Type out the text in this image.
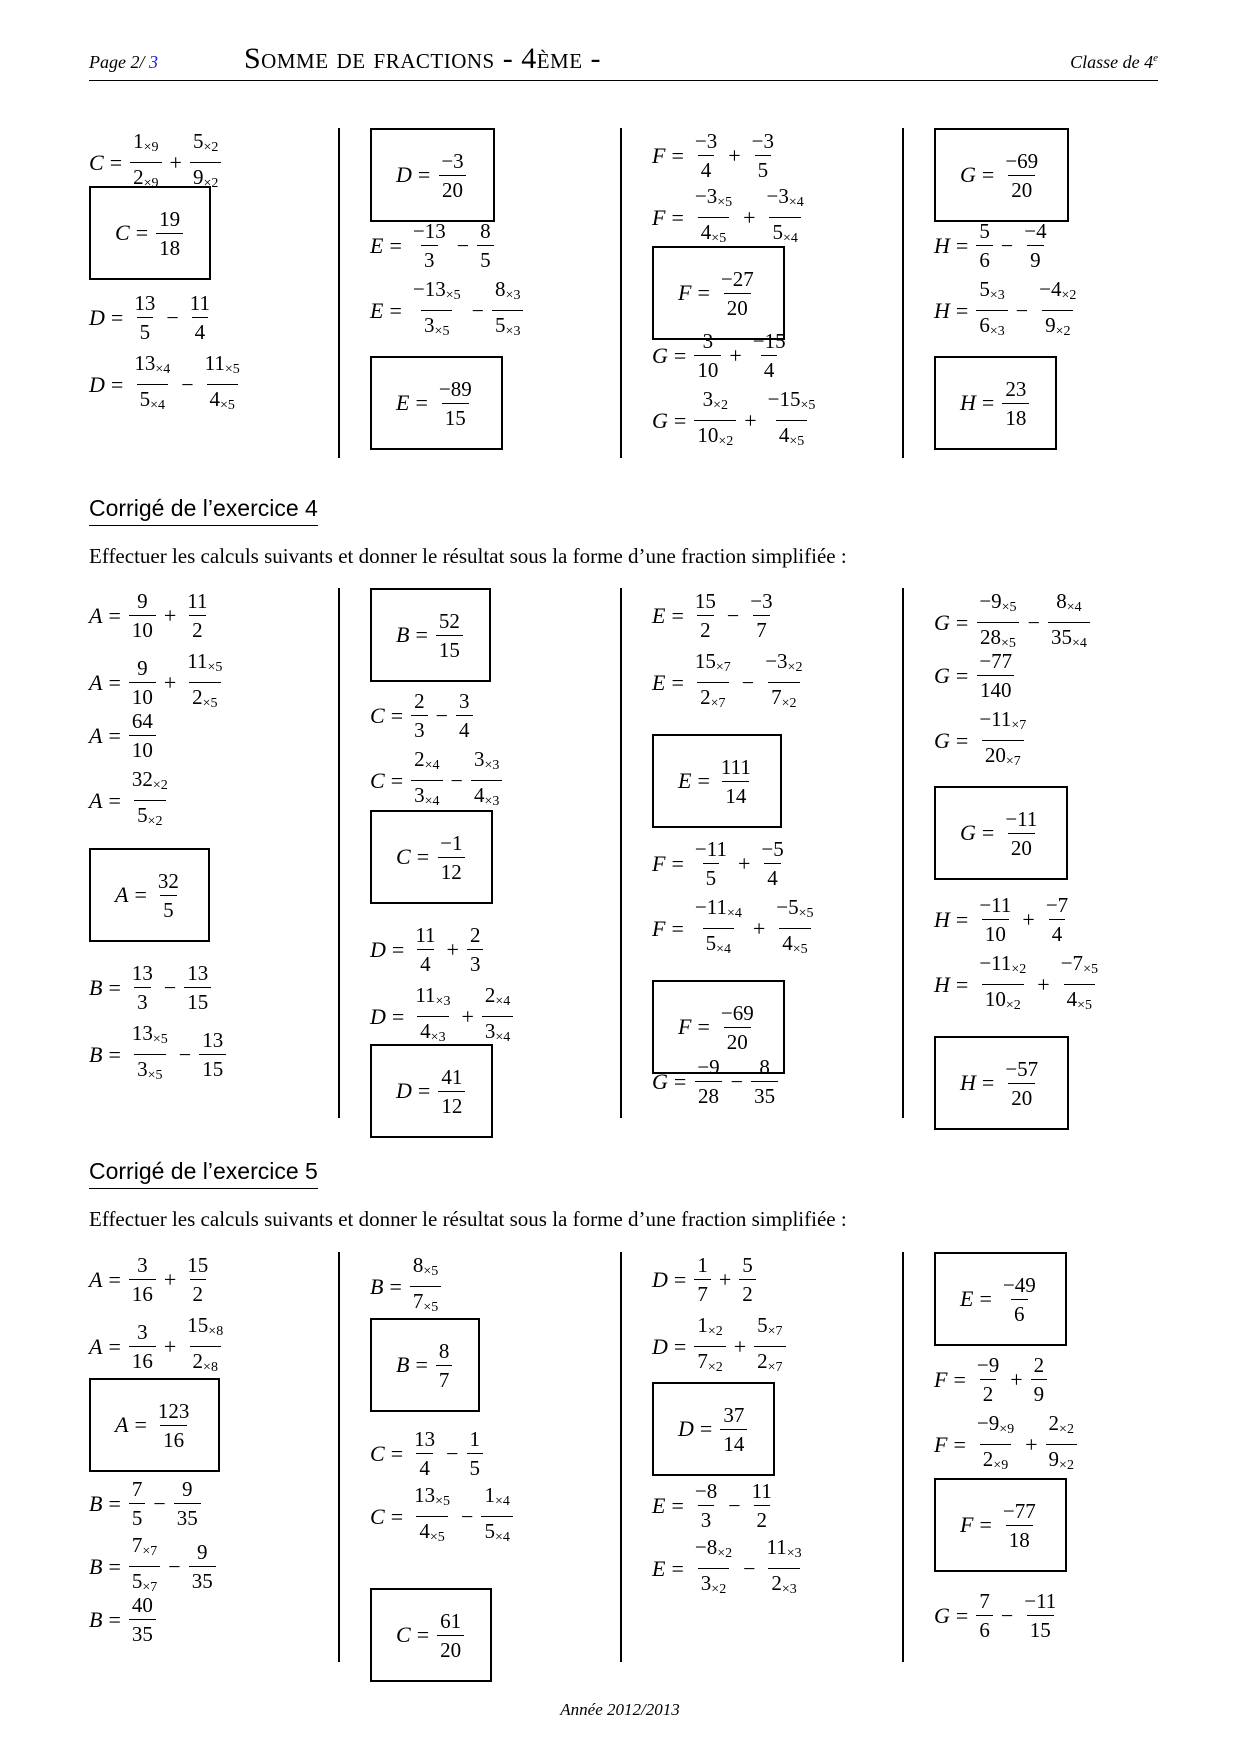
Page 2/ 3	Somme de fractions - 4ème -	Classe de 4e
$C = \frac{1_{\times 9}}{2_{\times 9}} + \frac{5_{\times 2}}{9_{\times 2}}$
$C = \frac{19}{18}$
$D = \frac{13}{5} - \frac{11}{4}$
$D = \frac{13_{\times 4}}{5_{\times 4}} - \frac{11_{\times 5}}{4_{\times 5}}$
$D = \frac{-3}{20}$
$E = \frac{-13}{3} - \frac{8}{5}$
$E = \frac{-13_{\times 5}}{3_{\times 5}} - \frac{8_{\times 3}}{5_{\times 3}}$
$E = \frac{-89}{15}$
$F = \frac{-3}{4} + \frac{-3}{5}$
$F = \frac{-3_{\times 5}}{4_{\times 5}} + \frac{-3_{\times 4}}{5_{\times 4}}$
$F = \frac{-27}{20}$
$G = \frac{3}{10} + \frac{-15}{4}$
$G = \frac{3_{\times 2}}{10_{\times 2}} + \frac{-15_{\times 5}}{4_{\times 5}}$
$G = \frac{-69}{20}$
$H = \frac{5}{6} - \frac{-4}{9}$
$H = \frac{5_{\times 3}}{6_{\times 3}} - \frac{-4_{\times 2}}{9_{\times 2}}$
$H = \frac{23}{18}$
Corrigé de l’exercice 4
Effectuer les calculs suivants et donner le résultat sous la forme d’une fraction simplifiée :
$A = \frac{9}{10} + \frac{11}{2}$
$A = \frac{9}{10} + \frac{11_{\times 5}}{2_{\times 5}}$
$A = \frac{64}{10}$
$A = \frac{32_{\times 2}}{5_{\times 2}}$
$A = \frac{32}{5}$
$B = \frac{13}{3} - \frac{13}{15}$
$B = \frac{13_{\times 5}}{3_{\times 5}} - \frac{13}{15}$
$B = \frac{52}{15}$
$C = \frac{2}{3} - \frac{3}{4}$
$C = \frac{2_{\times 4}}{3_{\times 4}} - \frac{3_{\times 3}}{4_{\times 3}}$
$C = \frac{-1}{12}$
$D = \frac{11}{4} + \frac{2}{3}$
$D = \frac{11_{\times 3}}{4_{\times 3}} + \frac{2_{\times 4}}{3_{\times 4}}$
$D = \frac{41}{12}$
$E = \frac{15}{2} - \frac{-3}{7}$
$E = \frac{15_{\times 7}}{2_{\times 7}} - \frac{-3_{\times 2}}{7_{\times 2}}$
$E = \frac{111}{14}$
$F = \frac{-11}{5} + \frac{-5}{4}$
$F = \frac{-11_{\times 4}}{5_{\times 4}} + \frac{-5_{\times 5}}{4_{\times 5}}$
$F = \frac{-69}{20}$
$G = \frac{-9}{28} - \frac{8}{35}$
$G = \frac{-9_{\times 5}}{28_{\times 5}} - \frac{8_{\times 4}}{35_{\times 4}}$
$G = \frac{-77}{140}$
$G = \frac{-11_{\times 7}}{20_{\times 7}}$
$G = \frac{-11}{20}$
$H = \frac{-11}{10} + \frac{-7}{4}$
$H = \frac{-11_{\times 2}}{10_{\times 2}} + \frac{-7_{\times 5}}{4_{\times 5}}$
$H = \frac{-57}{20}$
Corrigé de l’exercice 5
Effectuer les calculs suivants et donner le résultat sous la forme d’une fraction simplifiée :
$A = \frac{3}{16} + \frac{15}{2}$
$A = \frac{3}{16} + \frac{15_{\times 8}}{2_{\times 8}}$
$A = \frac{123}{16}$
$B = \frac{7}{5} - \frac{9}{35}$
$B = \frac{7_{\times 7}}{5_{\times 7}} - \frac{9}{35}$
$B = \frac{40}{35}$
$B = \frac{8_{\times 5}}{7_{\times 5}}$
$B = \frac{8}{7}$
$C = \frac{13}{4} - \frac{1}{5}$
$C = \frac{13_{\times 5}}{4_{\times 5}} - \frac{1_{\times 4}}{5_{\times 4}}$
$C = \frac{61}{20}$
$D = \frac{1}{7} + \frac{5}{2}$
$D = \frac{1_{\times 2}}{7_{\times 2}} + \frac{5_{\times 7}}{2_{\times 7}}$
$D = \frac{37}{14}$
$E = \frac{-8}{3} - \frac{11}{2}$
$E = \frac{-8_{\times 2}}{3_{\times 2}} - \frac{11_{\times 3}}{2_{\times 3}}$
$E = \frac{-49}{6}$
$F = \frac{-9}{2} + \frac{2}{9}$
$F = \frac{-9_{\times 9}}{2_{\times 9}} + \frac{2_{\times 2}}{9_{\times 2}}$
$F = \frac{-77}{18}$
$G = \frac{7}{6} - \frac{-11}{15}$
Année 2012/2013
